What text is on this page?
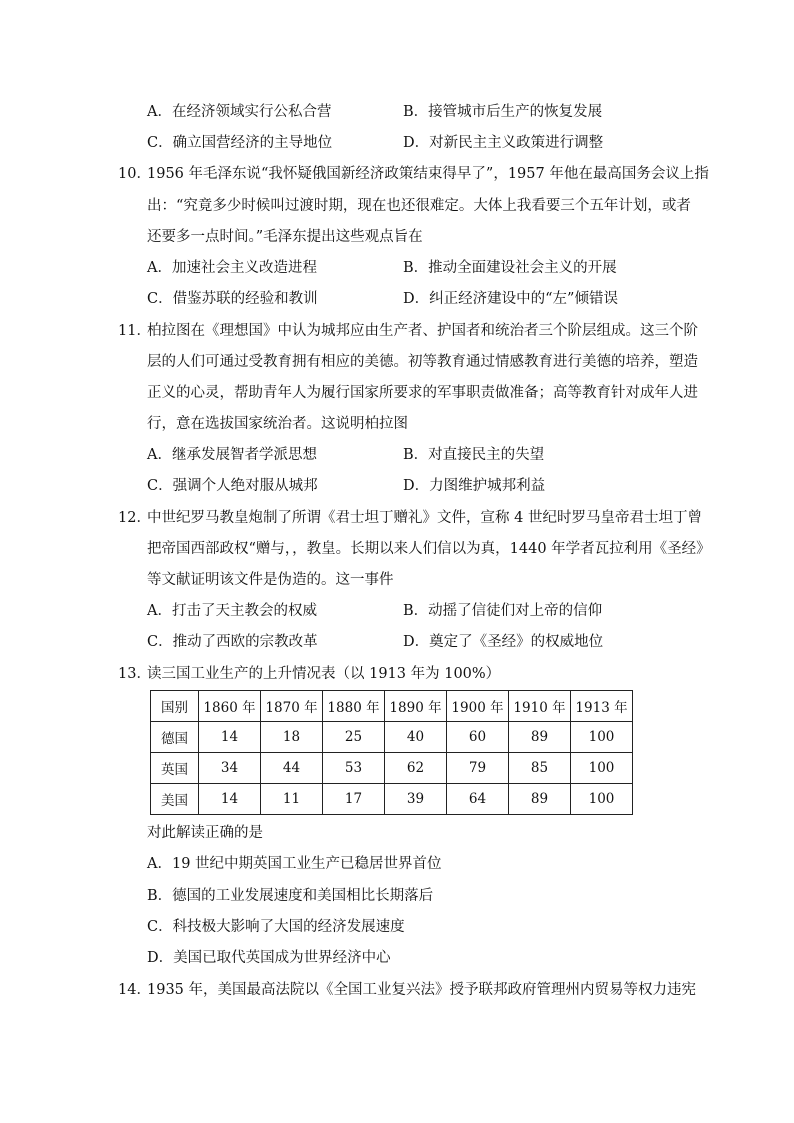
A．在经济领域实行公私合营	B．接管城市后生产的恢复发展
C．确立国营经济的主导地位	D．对新民主主义政策进行调整
10．
1956 年毛泽东说“我怀疑俄国新经济政策结束得早了”，1957 年他在最高国务会议上指
出：“究竟多少时候叫过渡时期，现在也还很难定。大体上我看要三个五年计划，或者
还要多一点时间。”毛泽东提出这些观点旨在
A．加速社会主义改造进程	B．推动全面建设社会主义的开展
C．借鉴苏联的经验和教训	D．纠正经济建设中的“左”倾错误
11．
柏拉图在《理想国》中认为城邦应由生产者、护国者和统治者三个阶层组成。这三个阶
层的人们可通过受教育拥有相应的美德。初等教育通过情感教育进行美德的培养，塑造
正义的心灵，帮助青年人为履行国家所要求的军事职责做准备；高等教育针对成年人进
行，意在选拔国家统治者。这说明柏拉图
A．继承发展智者学派思想	B．对直接民主的失望
C．强调个人绝对服从城邦	D．力图维护城邦利益
12．
中世纪罗马教皇炮制了所谓《君士坦丁赠礼》文件，宣称 4 世纪时罗马皇帝君士坦丁曾
把帝国西部政权“赠与，，教皇。长期以来人们信以为真，1440 年学者瓦拉利用《圣经》
等文献证明该文件是伪造的。这一事件
A．打击了天主教会的权威	B．动摇了信徒们对上帝的信仰
C．推动了西欧的宗教改革	D．奠定了《圣经》的权威地位
13．
读三国工业生产的上升情况表（以 1913 年为 100%）
国别	1860 年	1870 年	1880 年	1890 年	1900 年	1910 年	1913 年
德国	14	18	25	40	60	89	100
英国	34	44	53	62	79	85	100
美国	14	11	17	39	64	89	100
对此解读正确的是
A．19 世纪中期英国工业生产已稳居世界首位
B．德国的工业发展速度和美国相比长期落后
C．科技极大影响了大国的经济发展速度
D．美国已取代英国成为世界经济中心
14．
1935 年，美国最高法院以《全国工业复兴法》授予联邦政府管理州内贸易等权力违宪
